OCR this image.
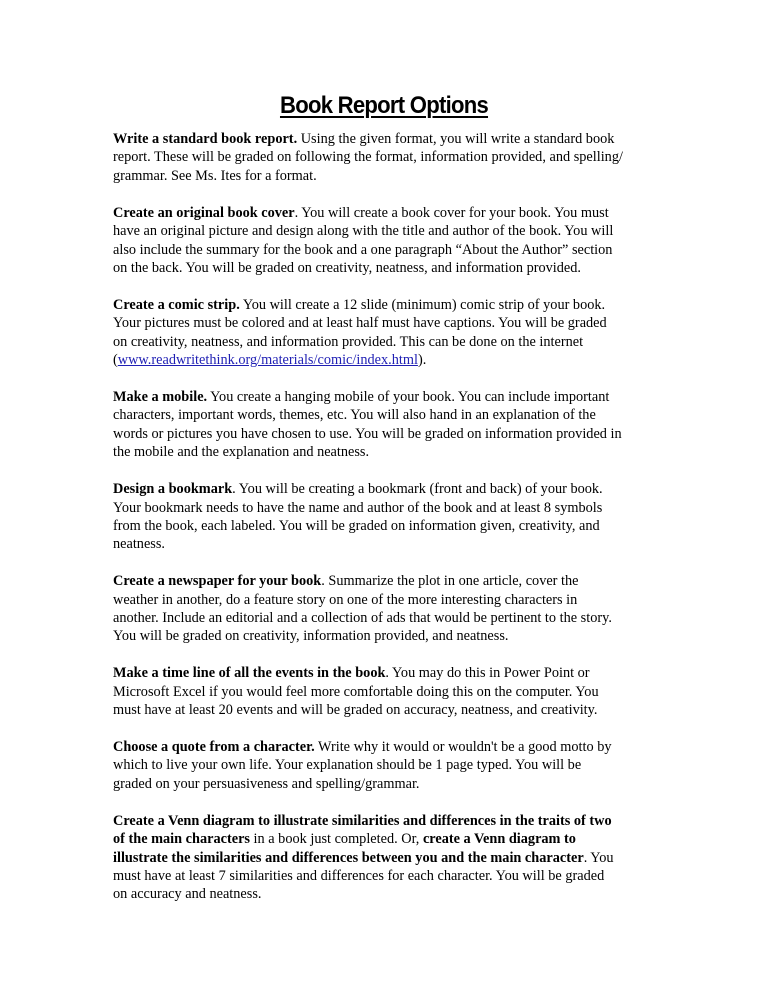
Book Report Options
Write a standard book report. Using the given format, you will write a standard book
report. These will be graded on following the format, information provided, and spelling/
grammar. See Ms. Ites for a format.
Create an original book cover. You will create a book cover for your book. You must
have an original picture and design along with the title and author of the book. You will
also include the summary for the book and a one paragraph “About the Author” section
on the back. You will be graded on creativity, neatness, and information provided.
Create a comic strip. You will create a 12 slide (minimum) comic strip of your book.
Your pictures must be colored and at least half must have captions. You will be graded
on creativity, neatness, and information provided. This can be done on the internet
(www.readwritethink.org/materials/comic/index.html).
Make a mobile. You create a hanging mobile of your book. You can include important
characters, important words, themes, etc. You will also hand in an explanation of the
words or pictures you have chosen to use. You will be graded on information provided in
the mobile and the explanation and neatness.
Design a bookmark. You will be creating a bookmark (front and back) of your book.
Your bookmark needs to have the name and author of the book and at least 8 symbols
from the book, each labeled. You will be graded on information given, creativity, and
neatness.
Create a newspaper for your book. Summarize the plot in one article, cover the
weather in another, do a feature story on one of the more interesting characters in
another. Include an editorial and a collection of ads that would be pertinent to the story.
You will be graded on creativity, information provided, and neatness.
Make a time line of all the events in the book. You may do this in Power Point or
Microsoft Excel if you would feel more comfortable doing this on the computer. You
must have at least 20 events and will be graded on accuracy, neatness, and creativity.
Choose a quote from a character. Write why it would or wouldn't be a good motto by
which to live your own life. Your explanation should be 1 page typed. You will be
graded on your persuasiveness and spelling/grammar.
Create a Venn diagram to illustrate similarities and differences in the traits of two
of the main characters in a book just completed. Or, create a Venn diagram to
illustrate the similarities and differences between you and the main character. You
must have at least 7 similarities and differences for each character. You will be graded
on accuracy and neatness.
